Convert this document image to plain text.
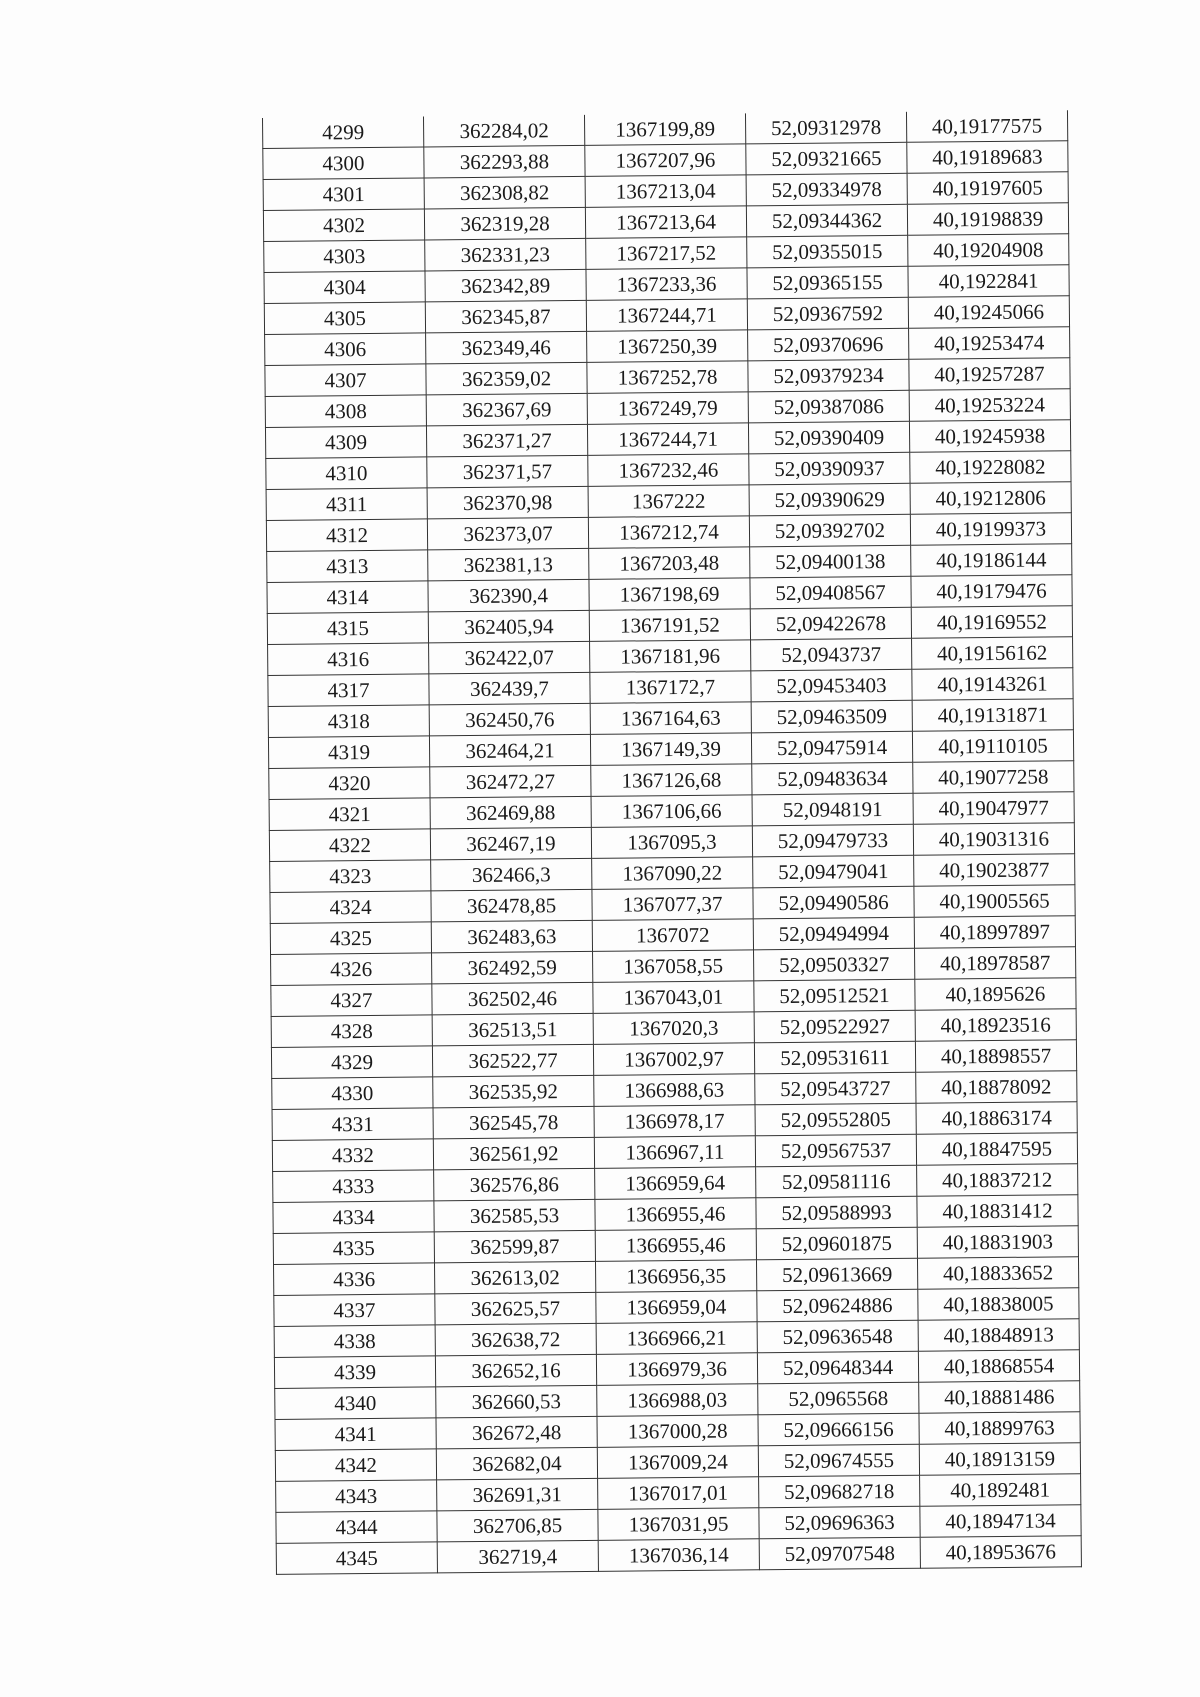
4299	362284,02	1367199,89	52,09312978	40,19177575
4300	362293,88	1367207,96	52,09321665	40,19189683
4301	362308,82	1367213,04	52,09334978	40,19197605
4302	362319,28	1367213,64	52,09344362	40,19198839
4303	362331,23	1367217,52	52,09355015	40,19204908
4304	362342,89	1367233,36	52,09365155	40,1922841
4305	362345,87	1367244,71	52,09367592	40,19245066
4306	362349,46	1367250,39	52,09370696	40,19253474
4307	362359,02	1367252,78	52,09379234	40,19257287
4308	362367,69	1367249,79	52,09387086	40,19253224
4309	362371,27	1367244,71	52,09390409	40,19245938
4310	362371,57	1367232,46	52,09390937	40,19228082
4311	362370,98	1367222	52,09390629	40,19212806
4312	362373,07	1367212,74	52,09392702	40,19199373
4313	362381,13	1367203,48	52,09400138	40,19186144
4314	362390,4	1367198,69	52,09408567	40,19179476
4315	362405,94	1367191,52	52,09422678	40,19169552
4316	362422,07	1367181,96	52,0943737	40,19156162
4317	362439,7	1367172,7	52,09453403	40,19143261
4318	362450,76	1367164,63	52,09463509	40,19131871
4319	362464,21	1367149,39	52,09475914	40,19110105
4320	362472,27	1367126,68	52,09483634	40,19077258
4321	362469,88	1367106,66	52,0948191	40,19047977
4322	362467,19	1367095,3	52,09479733	40,19031316
4323	362466,3	1367090,22	52,09479041	40,19023877
4324	362478,85	1367077,37	52,09490586	40,19005565
4325	362483,63	1367072	52,09494994	40,18997897
4326	362492,59	1367058,55	52,09503327	40,18978587
4327	362502,46	1367043,01	52,09512521	40,1895626
4328	362513,51	1367020,3	52,09522927	40,18923516
4329	362522,77	1367002,97	52,09531611	40,18898557
4330	362535,92	1366988,63	52,09543727	40,18878092
4331	362545,78	1366978,17	52,09552805	40,18863174
4332	362561,92	1366967,11	52,09567537	40,18847595
4333	362576,86	1366959,64	52,09581116	40,18837212
4334	362585,53	1366955,46	52,09588993	40,18831412
4335	362599,87	1366955,46	52,09601875	40,18831903
4336	362613,02	1366956,35	52,09613669	40,18833652
4337	362625,57	1366959,04	52,09624886	40,18838005
4338	362638,72	1366966,21	52,09636548	40,18848913
4339	362652,16	1366979,36	52,09648344	40,18868554
4340	362660,53	1366988,03	52,0965568	40,18881486
4341	362672,48	1367000,28	52,09666156	40,18899763
4342	362682,04	1367009,24	52,09674555	40,18913159
4343	362691,31	1367017,01	52,09682718	40,1892481
4344	362706,85	1367031,95	52,09696363	40,18947134
4345	362719,4	1367036,14	52,09707548	40,18953676
